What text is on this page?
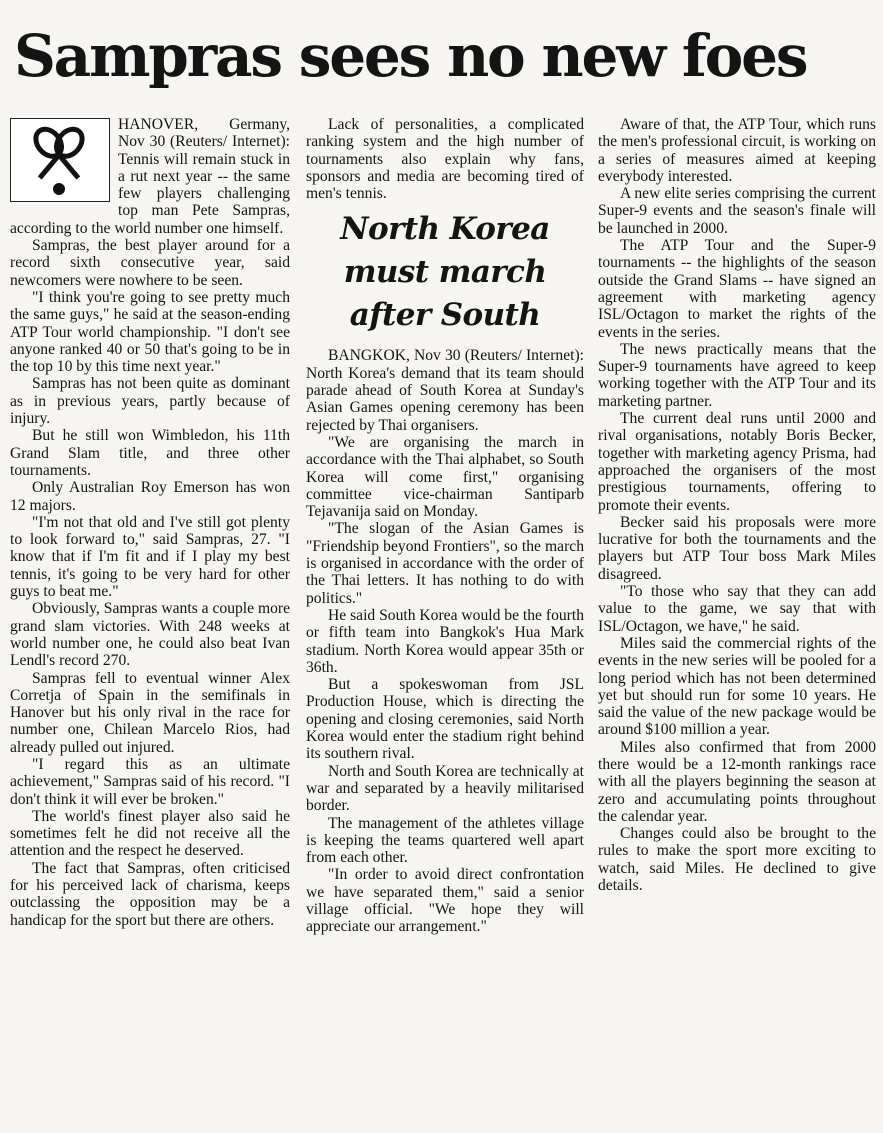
Sampras sees no new foes

HANOVER, Germany, Nov 30 (Reuters/ Internet): Tennis will remain stuck in a rut next year -- the same few players challenging top man Pete Sampras, according to the world number one himself.

Sampras, the best player around for a record sixth consecutive year, said newcomers were nowhere to be seen.

"I think you're going to see pretty much the same guys," he said at the season-ending ATP Tour world championship. "I don't see anyone ranked 40 or 50 that's going to be in the top 10 by this time next year."

Sampras has not been quite as dominant as in previous years, partly because of injury.

But he still won Wimbledon, his 11th Grand Slam title, and three other tournaments.

Only Australian Roy Emerson has won 12 majors.

"I'm not that old and I've still got plenty to look forward to," said Sampras, 27. "I know that if I'm fit and if I play my best tennis, it's going to be very hard for other guys to beat me."

Obviously, Sampras wants a couple more grand slam victories. With 248 weeks at world number one, he could also beat Ivan Lendl's record 270.

Sampras fell to eventual winner Alex Corretja of Spain in the semifinals in Hanover but his only rival in the race for number one, Chilean Marcelo Rios, had already pulled out injured.

"I regard this as an ultimate achievement," Sampras said of his record. "I don't think it will ever be broken."

The world's finest player also said he sometimes felt he did not receive all the attention and the respect he deserved.

The fact that Sampras, often criticised for his perceived lack of charisma, keeps outclassing the opposition may be a handicap for the sport but there are others.

Lack of personalities, a complicated ranking system and the high number of tournaments also explain why fans, sponsors and media are becoming tired of men's tennis.

North Korea
must march
after South

BANGKOK, Nov 30 (Reuters/ Internet): North Korea's demand that its team should parade ahead of South Korea at Sunday's Asian Games opening ceremony has been rejected by Thai organisers.

"We are organising the march in accordance with the Thai alphabet, so South Korea will come first," organising committee vice-chairman Santiparb Tejavanija said on Monday.

"The slogan of the Asian Games is "Friendship beyond Frontiers", so the march is organised in accordance with the order of the Thai letters. It has nothing to do with politics."

He said South Korea would be the fourth or fifth team into Bangkok's Hua Mark stadium. North Korea would appear 35th or 36th.

But a spokeswoman from JSL Production House, which is directing the opening and closing ceremonies, said North Korea would enter the stadium right behind its southern rival.

North and South Korea are technically at war and separated by a heavily militarised border.

The management of the athletes village is keeping the teams quartered well apart from each other.

"In order to avoid direct confrontation we have separated them," said a senior village official. "We hope they will appreciate our arrangement."

Aware of that, the ATP Tour, which runs the men's professional circuit, is working on a series of measures aimed at keeping everybody interested.

A new elite series comprising the current Super-9 events and the season's finale will be launched in 2000.

The ATP Tour and the Super-9 tournaments -- the highlights of the season outside the Grand Slams -- have signed an agreement with marketing agency ISL/Octagon to market the rights of the events in the series.

The news practically means that the Super-9 tournaments have agreed to keep working together with the ATP Tour and its marketing partner.

The current deal runs until 2000 and rival organisations, notably Boris Becker, together with marketing agency Prisma, had approached the organisers of the most prestigious tournaments, offering to promote their events.

Becker said his proposals were more lucrative for both the tournaments and the players but ATP Tour boss Mark Miles disagreed.

"To those who say that they can add value to the game, we say that with ISL/Octagon, we have," he said.

Miles said the commercial rights of the events in the new series will be pooled for a long period which has not been determined yet but should run for some 10 years. He said the value of the new package would be around $100 million a year.

Miles also confirmed that from 2000 there would be a 12-month rankings race with all the players beginning the season at zero and accumulating points throughout the calendar year.

Changes could also be brought to the rules to make the sport more exciting to watch, said Miles. He declined to give details.
